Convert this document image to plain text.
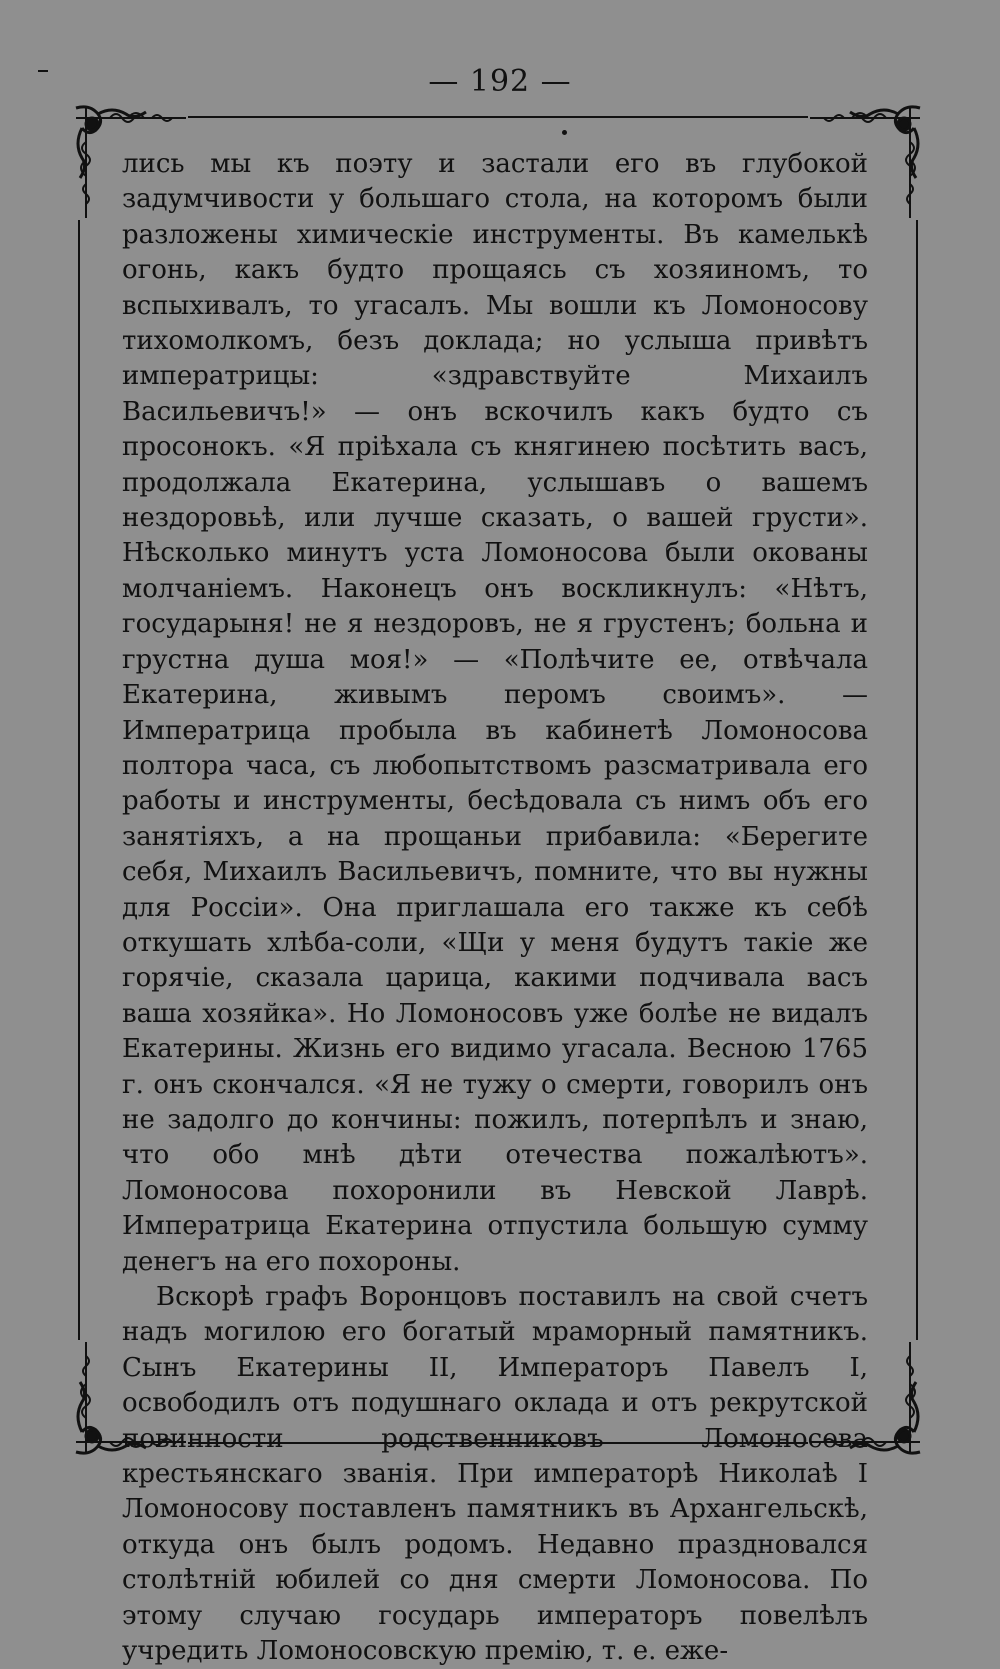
— 192 —

лись мы къ поэту и застали его въ глубокой задумчивости у большаго стола, на которомъ были разложены химическіе инструменты. Въ камелькѣ огонь, какъ будто прощаясь съ хозяиномъ, то вспыхивалъ, то угасалъ. Мы вошли къ Ломоносову тихомолкомъ, безъ доклада; но услыша привѣтъ императрицы: «здравствуйте Михаилъ Васильевичъ!» — онъ вскочилъ какъ будто съ просонокъ. «Я пріѣхала съ княгинею посѣтить васъ, продолжала Екатерина, услышавъ о вашемъ нездоровьѣ, или лучше сказать, о вашей грусти». Нѣсколько минутъ уста Ломоносова были окованы молчаніемъ. Наконецъ онъ воскликнулъ: «Нѣтъ, государыня! не я нездоровъ, не я грустенъ; больна и грустна душа моя!» — «Полѣчите ее, отвѣчала Екатерина, живымъ перомъ своимъ». — Императрица пробыла въ кабинетѣ Ломоносова полтора часа, съ любопытствомъ разсматривала его работы и инструменты, бесѣдовала съ нимъ объ его занятіяхъ, а на прощаньи прибавила: «Берегите себя, Михаилъ Васильевичъ, помните, что вы нужны для Россіи». Она приглашала его также къ себѣ откушать хлѣба-соли, «Щи у меня будутъ такіе же горячіе, сказала царица, какими подчивала васъ ваша хозяйка». Но Ломоносовъ уже болѣе не видалъ Екатерины. Жизнь его видимо угасала. Весною 1765 г. онъ скончался. «Я не тужу о смерти, говорилъ онъ не задолго до кончины: пожилъ, потерпѣлъ и знаю, что обо мнѣ дѣти отечества пожалѣютъ». Ломоносова похоронили въ Невской Лаврѣ. Императрица Екатерина отпустила большую сумму денегъ на его похороны.

Вскорѣ графъ Воронцовъ поставилъ на свой счетъ надъ могилою его богатый мраморный памятникъ. Сынъ Екатерины II, Императоръ Павелъ I, освободилъ отъ подушнаго оклада и отъ рекрутской повинности родственниковъ Ломоносова крестьянскаго званія. При императорѣ Николаѣ I Ломоносову поставленъ памятникъ въ Архангельскѣ, откуда онъ былъ родомъ. Недавно праздновался столѣтній юбилей со дня смерти Ломоносова. По этому случаю государь императоръ повелѣлъ учредить Ломоносовскую премію, т. е. еже-
